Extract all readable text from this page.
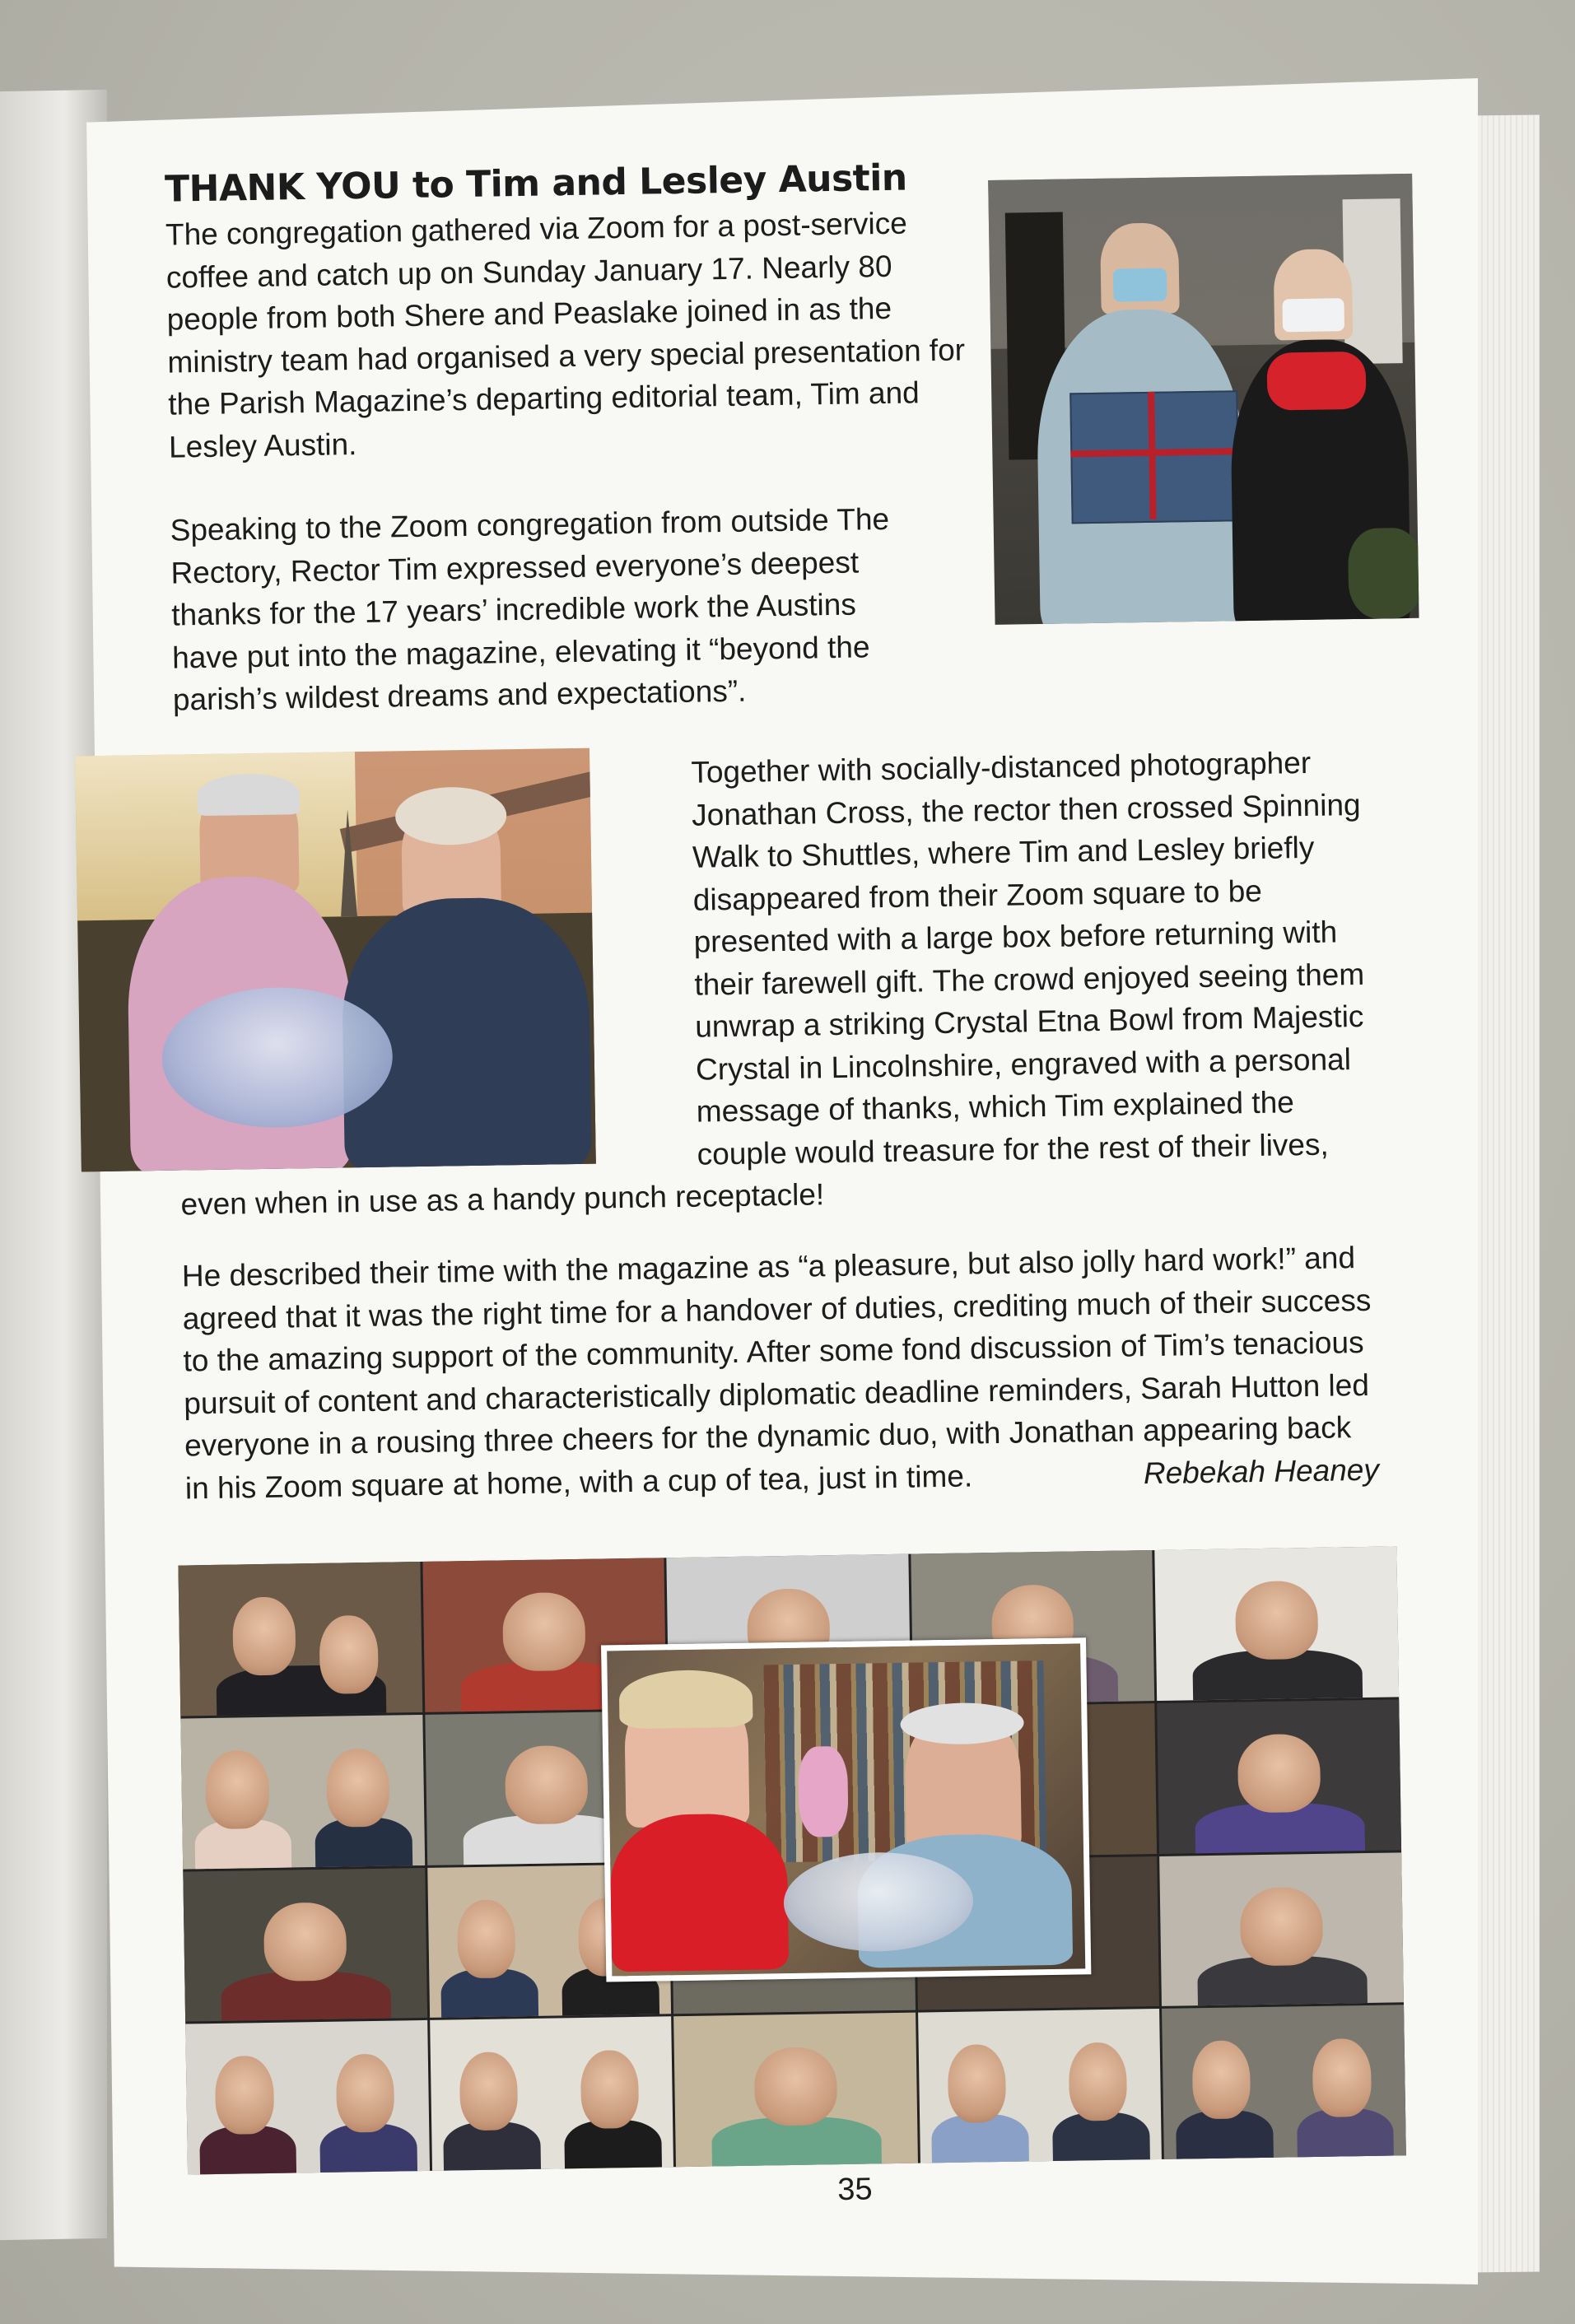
THANK YOU to Tim and Lesley Austin

The congregation gathered via Zoom for a post-service coffee and catch up on Sunday January 17. Nearly 80 people from both Shere and Peaslake joined in as the ministry team had organised a very special presentation for the Parish Magazine’s departing editorial team, Tim and Lesley Austin.

Speaking to the Zoom congregation from outside The Rectory, Rector Tim expressed everyone’s deepest thanks for the 17 years’ incredible work the Austins have put into the magazine, elevating it “beyond the parish’s wildest dreams and expectations”.
Together with socially-distanced photographer Jonathan Cross, the rector then crossed Spinning Walk to Shuttles, where Tim and Lesley briefly disappeared from their Zoom square to be presented with a large box before returning with their farewell gift. The crowd enjoyed seeing them unwrap a striking Crystal Etna Bowl from Majestic Crystal in Lincolnshire, engraved with a personal message of thanks, which Tim explained the couple would treasure for the rest of their lives, even when in use as a handy punch receptacle!
He described their time with the magazine as “a pleasure, but also jolly hard work!” and agreed that it was the right time for a handover of duties, crediting much of their success to the amazing support of the community. After some fond discussion of Tim’s tenacious pursuit of content and characteristically diplomatic deadline reminders, Sarah Hutton led everyone in a rousing three cheers for the dynamic duo, with Jonathan appearing back in his Zoom square at home, with a cup of tea, just in time.	Rebekah Heaney

35
